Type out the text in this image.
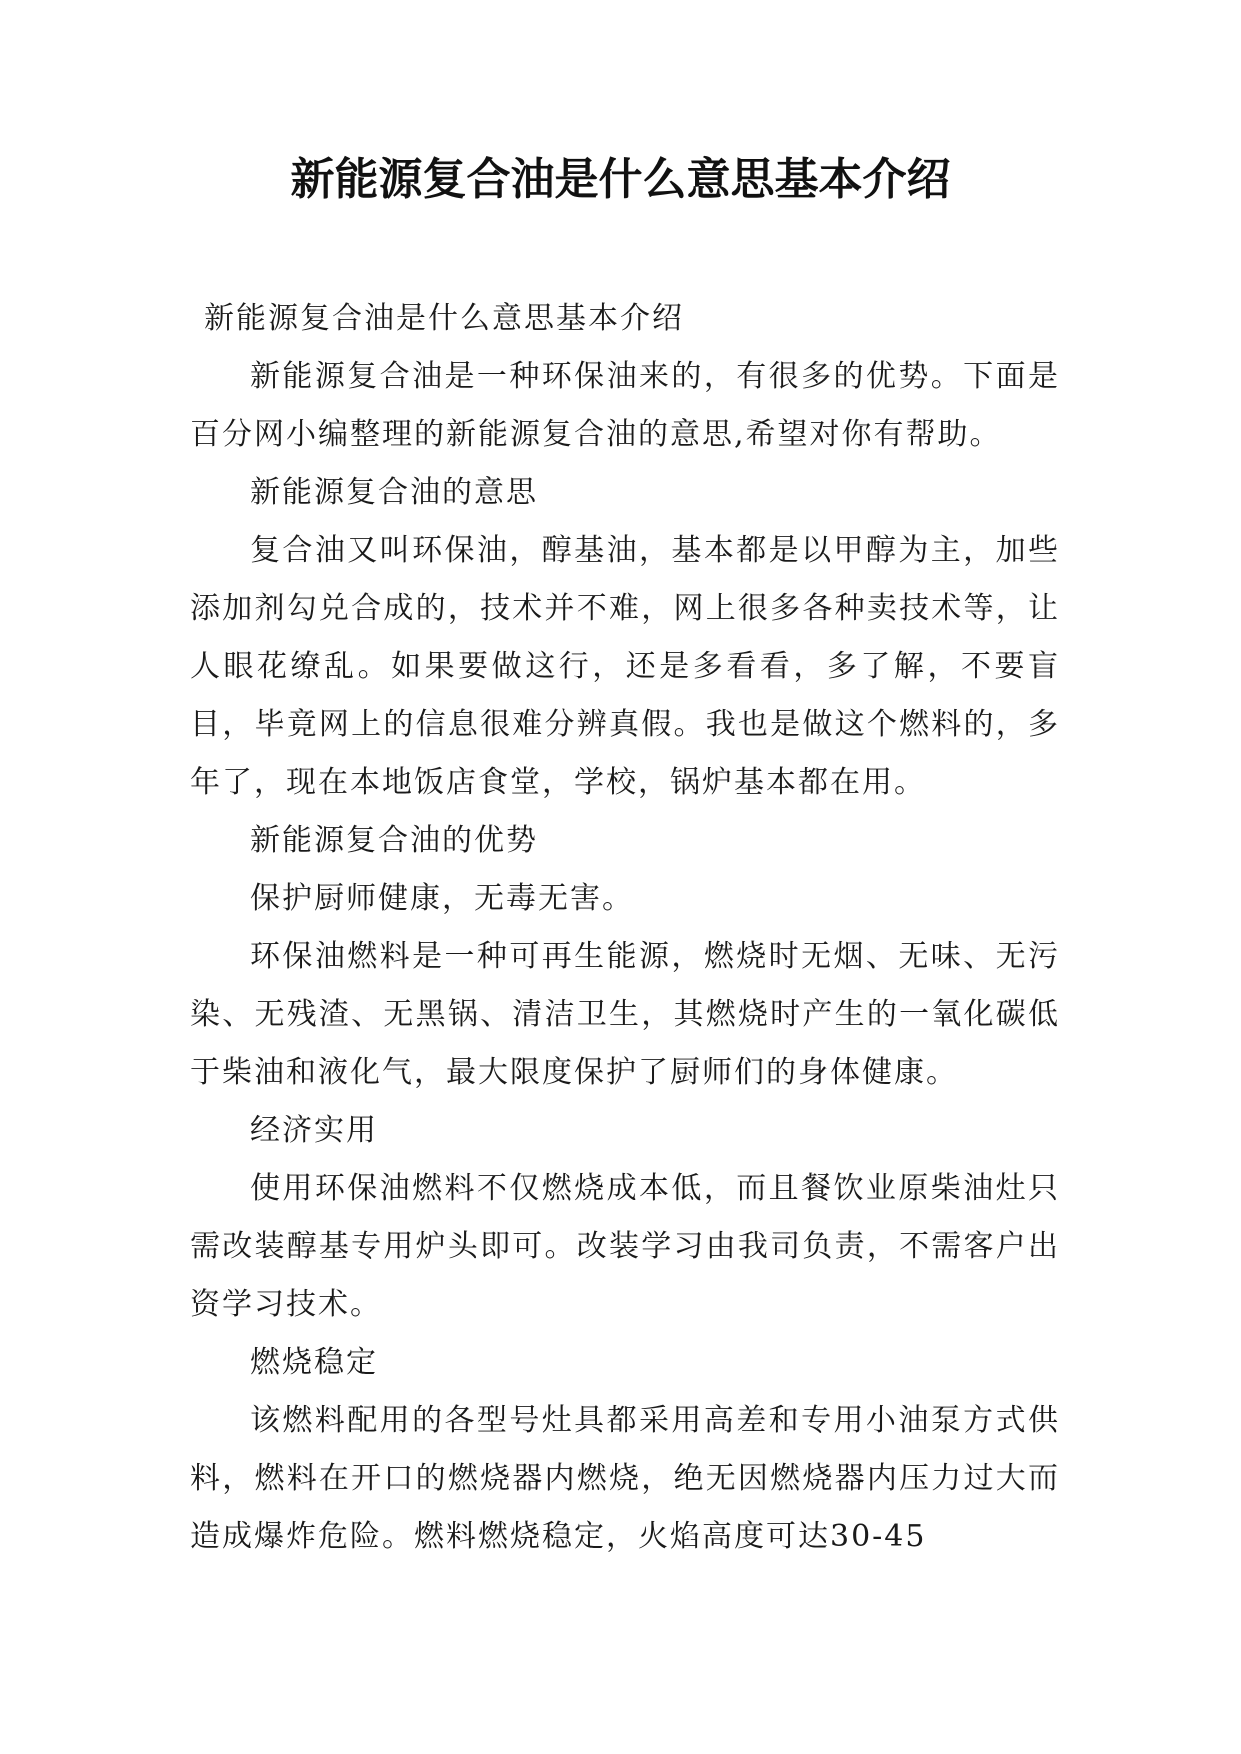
新能源复合油是什么意思基本介绍

新能源复合油是什么意思基本介绍

新能源复合油是一种环保油来的，有很多的优势。下面是百分网小编整理的新能源复合油的意思,希望对你有帮助。

新能源复合油的意思

复合油又叫环保油，醇基油，基本都是以甲醇为主，加些添加剂勾兑合成的，技术并不难，网上很多各种卖技术等，让人眼花缭乱。如果要做这行，还是多看看，多了解，不要盲目，毕竟网上的信息很难分辨真假。我也是做这个燃料的，多年了，现在本地饭店食堂，学校，锅炉基本都在用。

新能源复合油的优势

保护厨师健康，无毒无害。

环保油燃料是一种可再生能源，燃烧时无烟、无味、无污染、无残渣、无黑锅、清洁卫生，其燃烧时产生的一氧化碳低于柴油和液化气，最大限度保护了厨师们的身体健康。

经济实用

使用环保油燃料不仅燃烧成本低，而且餐饮业原柴油灶只需改装醇基专用炉头即可。改装学习由我司负责，不需客户出资学习技术。

燃烧稳定

该燃料配用的各型号灶具都采用高差和专用小油泵方式供料，燃料在开口的燃烧器内燃烧，绝无因燃烧器内压力过大而造成爆炸危险。燃料燃烧稳定，火焰高度可达30-45
